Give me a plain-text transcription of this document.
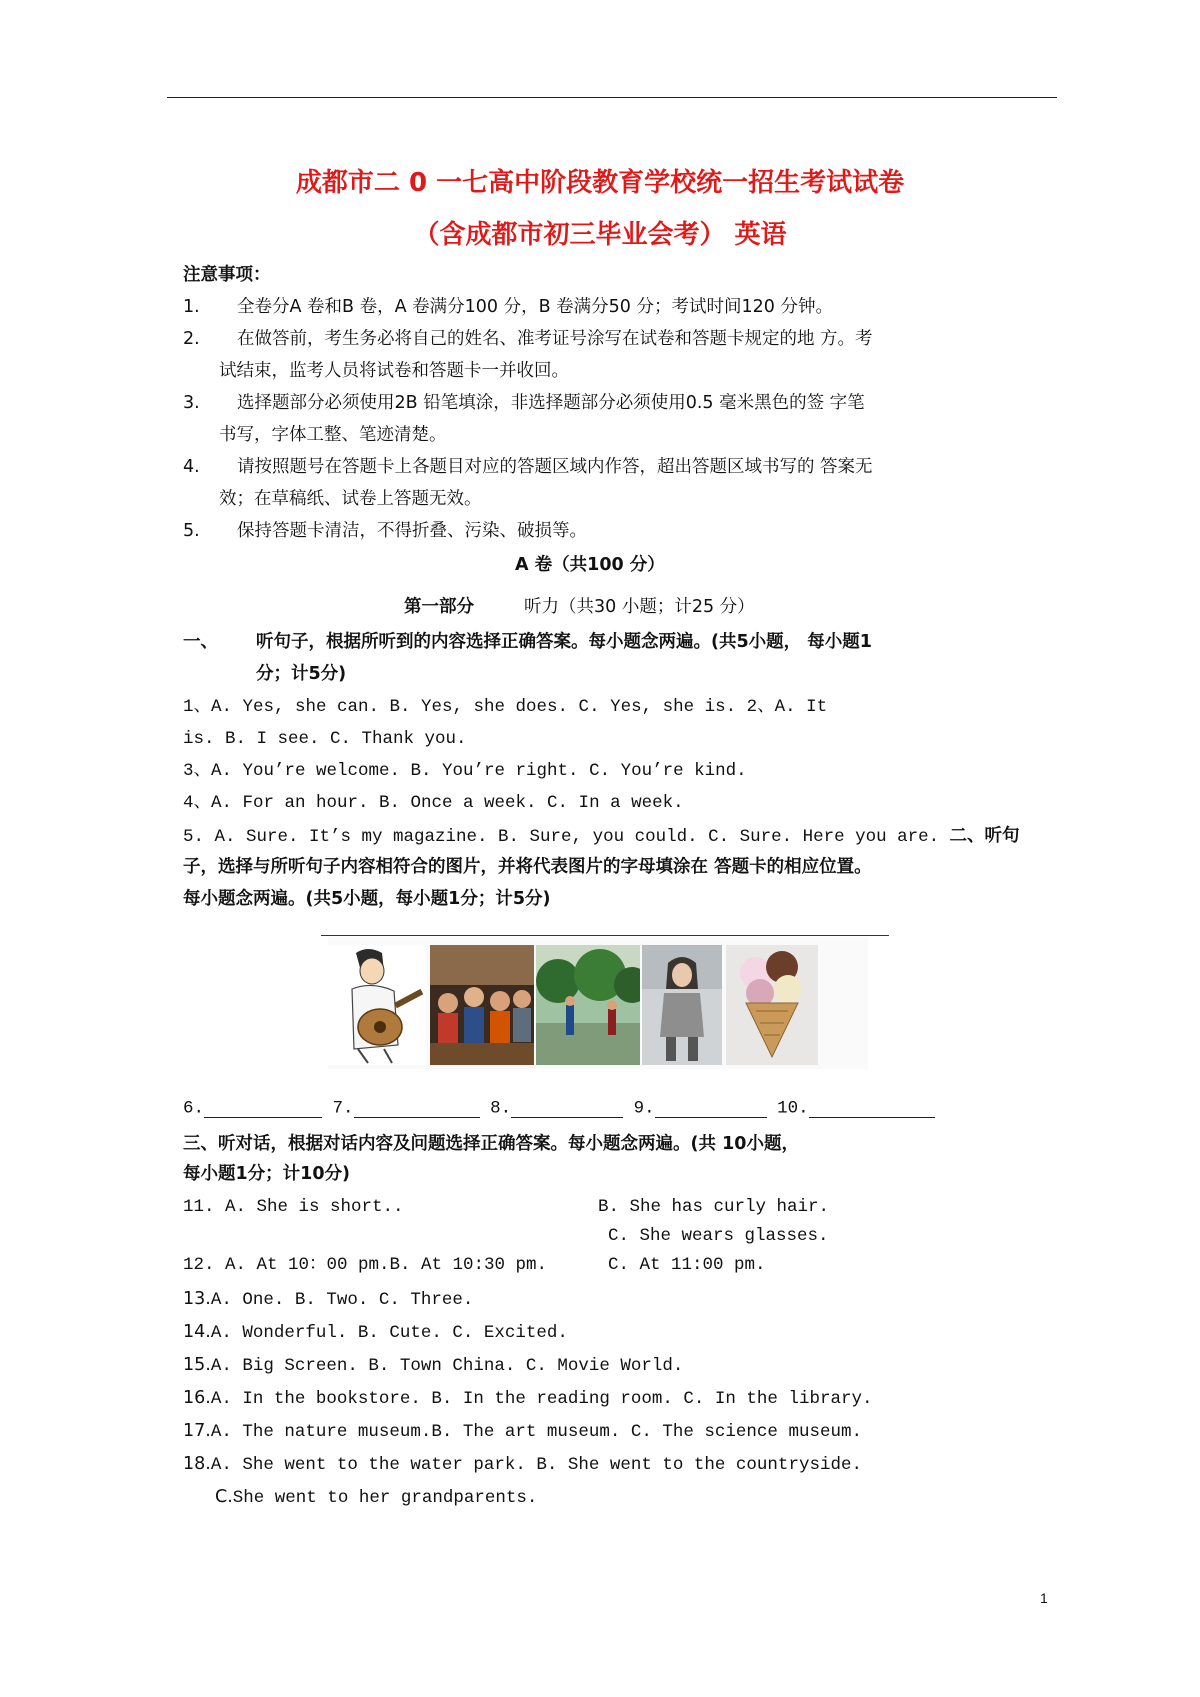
成都市二 0 一七高中阶段教育学校统一招生考试试卷
（含成都市初三毕业会考） 英语
注意事项：
1. 全卷分A 卷和B 卷，A 卷满分100 分，B 卷满分50 分；考试时间120 分钟。
2. 在做答前，考生务必将自己的姓名、准考证号涂写在试卷和答题卡规定的地 方。考
试结束，监考人员将试卷和答题卡一并收回。
3. 选择题部分必须使用2B 铅笔填涂，非选择题部分必须使用0.5 毫米黑色的签 字笔
书写，字体工整、笔迹清楚。
4. 请按照题号在答题卡上各题目对应的答题区域内作答，超出答题区域书写的 答案无
效；在草稿纸、试卷上答题无效。
5. 保持答题卡清洁，不得折叠、污染、破损等。
A 卷（共100 分）
第一部分	听力（共30 小题；计25 分）
一、 听句子，根据所听到的内容选择正确答案。每小题念两遍。(共5小题， 每小题1
分；计5分)
1、A. Yes, she can. B. Yes, she does. C. Yes, she is. 2、A. It
is. B. I see. C. Thank you.
3、A. You’re welcome. B. You’re right. C. You’re kind.
4、A. For an hour. B. Once a week. C. In a week.
5. A. Sure. It’s my magazine. B. Sure, you could. C. Sure. Here you are. 二、听句
子，选择与所听句子内容相符合的图片，并将代表图片的字母填涂在 答题卡的相应位置。
每小题念两遍。(共5小题，每小题1分；计5分)
6.	7.	8.	9.	10.
三、听对话，根据对话内容及问题选择正确答案。每小题念两遍。(共 10小题，
每小题1分；计10分)
11. A. She is short..	B. She has curly hair.
C. She wears glasses.
12. A. At 10：00 pm.B. At 10:30 pm.	C. At 11:00 pm.
13.A. One. B. Two. C. Three.
14.A. Wonderful. B. Cute. C. Excited.
15.A. Big Screen. B. Town China. C. Movie World.
16.A. In the bookstore. B. In the reading room. C. In the library.
17.A. The nature museum.B. The art museum. C. The science museum.
18.A. She went to the water park. B. She went to the countryside.
C.She went to her grandparents.
1
